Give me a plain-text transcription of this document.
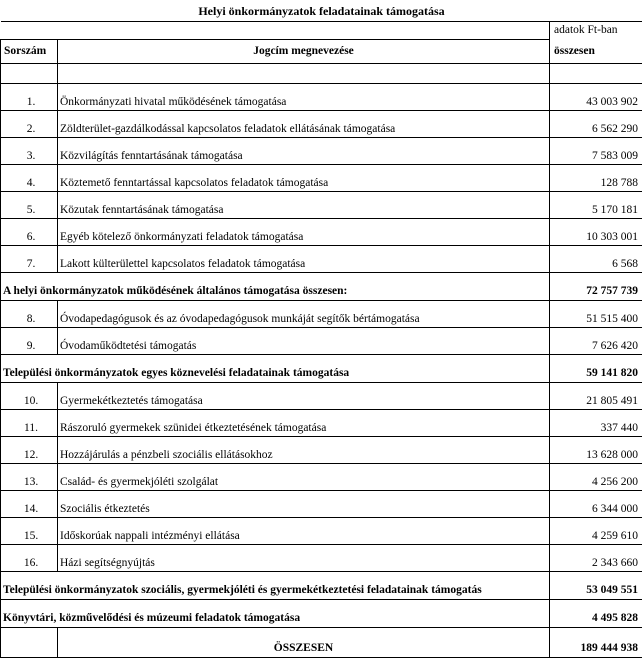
Helyi önkormányzatok feladatainak támogatása		
		adatok Ft-ban
Sorszám	Jogcím megnevezése	összesen

1.	Önkormányzati hivatal működésének támogatása	43 003 902
2.	Zöldterület-gazdálkodással kapcsolatos feladatok ellátásának támogatása	6 562 290
3.	Közvilágítás fenntartásának támogatása	7 583 009
4.	Köztemető fenntartással kapcsolatos feladatok támogatása	128 788
5.	Közutak fenntartásának támogatása	5 170 181
6.	Egyéb kötelező önkormányzati feladatok támogatása	10 303 001
7.	Lakott külterülettel kapcsolatos feladatok támogatása	6 568
A helyi önkormányzatok működésének általános támogatása összesen:		72 757 739
8.	Óvodapedagógusok és az óvodapedagógusok munkáját segítők bértámogatása	51 515 400
9.	Óvodaműködtetési támogatás	7 626 420
Települési önkormányzatok egyes köznevelési feladatainak támogatása		59 141 820
10.	Gyermekétkeztetés támogatása	21 805 491
11.	Rászoruló gyermekek szünidei étkeztetésének támogatása	337 440
12.	Hozzájárulás a pénzbeli szociális ellátásokhoz	13 628 000
13.	Család- és gyermekjóléti szolgálat	4 256 200
14.	Szociális étkeztetés	6 344 000
15.	Időskorúak nappali intézményi ellátása	4 259 610
16.	Házi segítségnyújtás	2 343 660
Települési önkormányzatok szociális, gyermekjóléti és gyermekétkeztetési feladatainak támogatás		53 049 551
Könyvtári, közművelődési és múzeumi feladatok támogatása		4 495 828
	ÖSSZESEN	189 444 938
